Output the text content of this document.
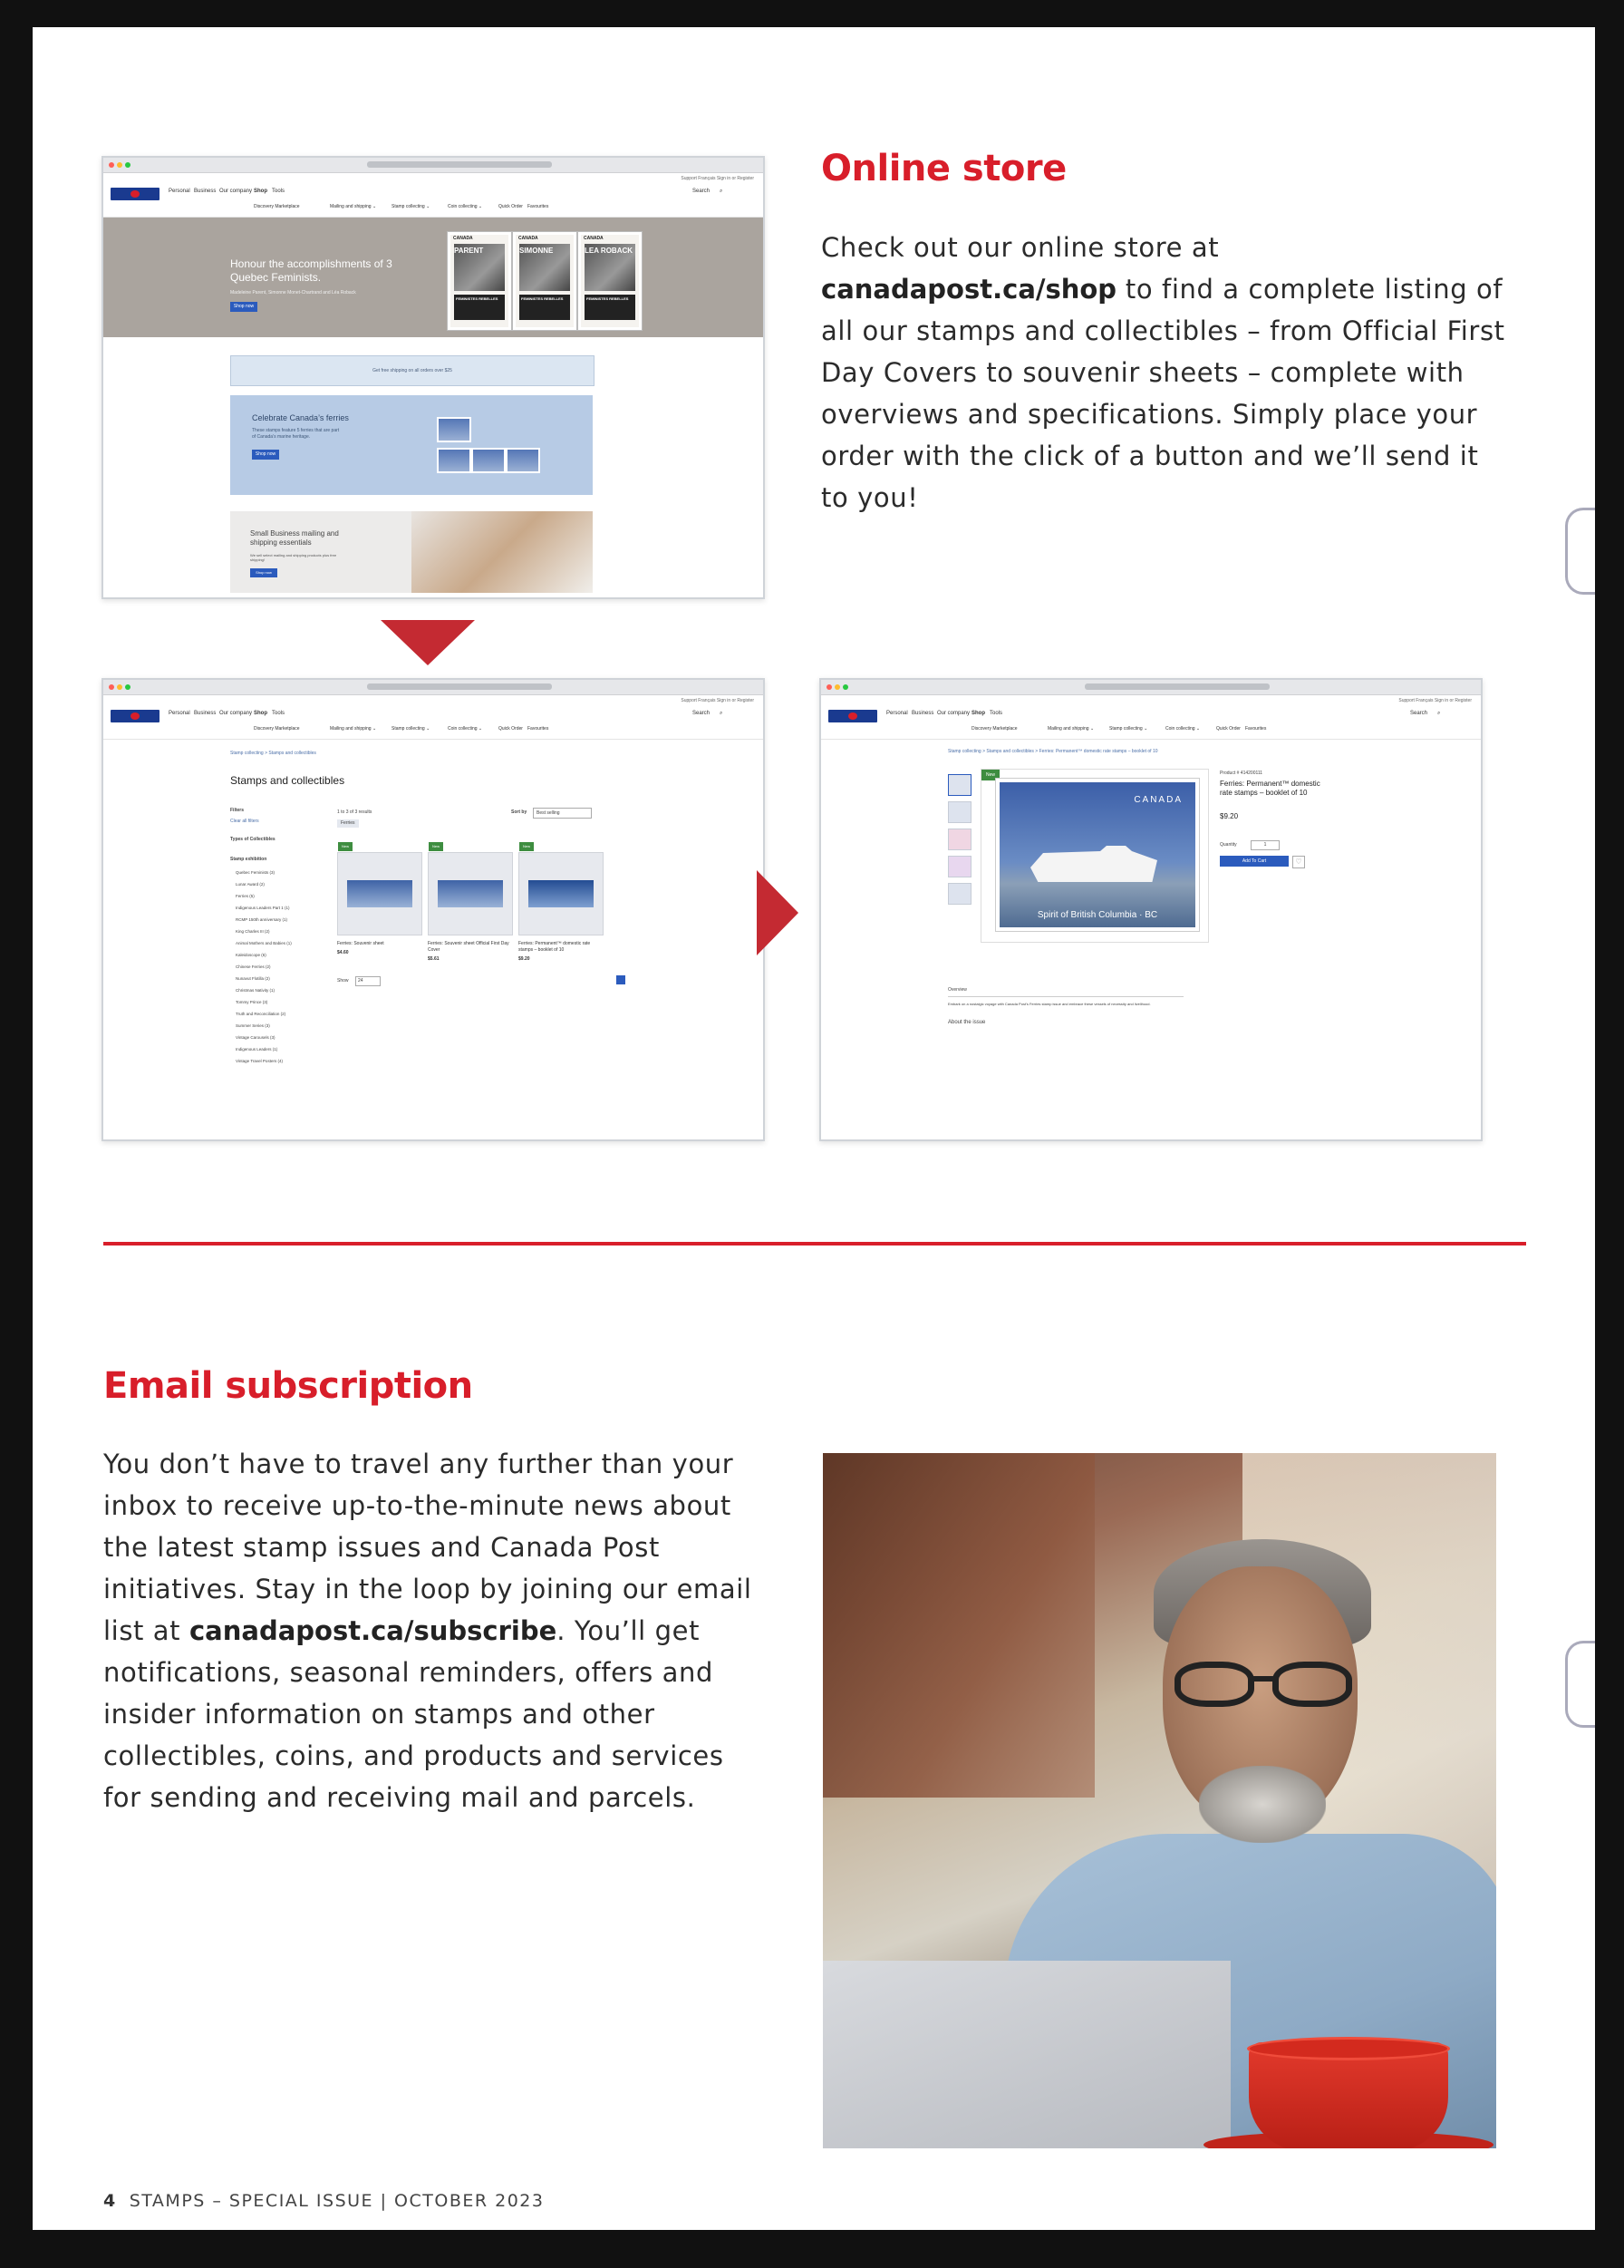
Support Français Sign in or Register
Personal Business Our company Shop Tools	Search ⌕
Discovery Marketplace	Mailing and shipping ⌄	Stamp collecting ⌄	Coin collecting ⌄	Quick Order Favourites
Honour the accomplishments of 3 Quebec Feminists.
Madeleine Parent, Simonne Monet-Chartrand and Léa Roback
Shop now
CANADA
PARENT
FEMINISTES REBELLES
CANADA
SIMONNE
FEMINISTES REBELLES
CANADA
LEA ROBACK
FEMINISTES REBELLES
Get free shipping on all orders over $25
Celebrate Canada’s ferries
These stamps feature 5 ferries that are part of Canada’s marine heritage.
Shop now
Small Business mailing and shipping essentials
We sell select mailing and shipping products plus free shipping!
Shop now
Support Français Sign in or Register
Personal Business Our company Shop Tools	Search ⌕
Discovery Marketplace	Mailing and shipping ⌄	Stamp collecting ⌄	Coin collecting ⌄	Quick Order Favourites
Stamp collecting > Stamps and collectibles
Stamps and collectibles
Filters
Clear all filters
Types of Collectibles
Stamp exhibition
Quebec Feminists (3)
Lunar Award (2)
Ferries (5)
Indigenous Leaders Part 1 (1)
RCMP 150th anniversary (1)
King Charles III (2)
Animal Mothers and Babies (1)
Kaleidoscope (6)
Chinese Ferries (2)
Nunavut Flotilla (2)
Christmas Nativity (1)
Tommy Prince (3)
Truth and Reconciliation (2)
Summer Series (3)
Vintage Carousels (3)
Indigenous Leaders (1)
Vintage Travel Posters (4)
1 to 3 of 3 results
Ferries
Sort by	Best selling
New	New	New
Ferries: Souvenir sheet
$4.60
Ferries: Souvenir sheet Official First Day Cover
$5.61
Ferries: Permanent™ domestic rate stamps – booklet of 10
$9.20
Show	24
Support Français Sign in or Register
Personal Business Our company Shop Tools	Search ⌕
Discovery Marketplace	Mailing and shipping ⌄	Stamp collecting ⌄	Coin collecting ⌄	Quick Order Favourites
Stamp collecting > Stamps and collectibles > Ferries: Permanent™ domestic rate stamps – booklet of 10
New
CANADA
Spirit of British Columbia · BC
Product # 414200111
Ferries: Permanent™ domestic rate stamps – booklet of 10
$9.20
Quantity	1
Add To Cart	♡
Overview
Embark on a nostalgic voyage with Canada Post’s Ferries stamp issue and embrace these vessels of necessity and livelihood.
About the issue
Online store

Check out our online store at canadapost.ca/shop to find a complete listing of all our stamps and collectibles – from Official First Day Covers to souvenir sheets – complete with overviews and specifications. Simply place your order with the click of a button and we’ll send it to you!

Email subscription

You don’t have to travel any further than your inbox to receive up-to-the-minute news about the latest stamp issues and Canada Post initiatives. Stay in the loop by joining our email list at canadapost.ca/subscribe. You’ll get notifications, seasonal reminders, offers and insider information on stamps and other collectibles, coins, and products and services for sending and receiving mail and parcels.

4 STAMPS – SPECIAL ISSUE | OCTOBER 2023
